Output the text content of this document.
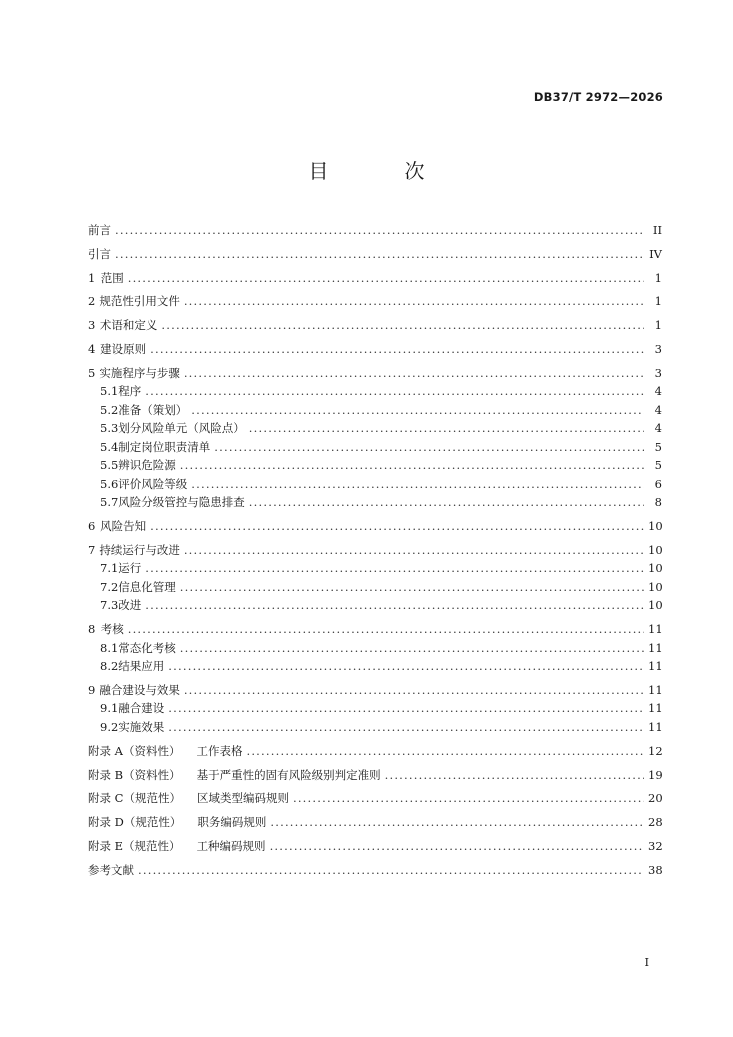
DB37/T 2972—2026
目　次
前言 .....	II
引言 .....	IV
1 范围 .....	1
2 规范性引用文件 .....	1
3 术语和定义 .....	1
4 建设原则 .....	3
5 实施程序与步骤 .....	3
5.1 程序 .....	4
5.2 准备（策划） .....	4
5.3 划分风险单元（风险点） .....	4
5.4 制定岗位职责清单 .....	5
5.5 辨识危险源 .....	5
5.6 评价风险等级 .....	6
5.7 风险分级管控与隐患排查 .....	8
6 风险告知 .....	10
7 持续运行与改进 .....	10
7.1 运行 .....	10
7.2 信息化管理 .....	10
7.3 改进 .....	10
8 考核 .....	11
8.1 常态化考核 .....	11
8.2 结果应用 .....	11
9 融合建设与效果 .....	11
9.1 融合建设 .....	11
9.2 实施效果 .....	11
附录 A（资料性） 工作表格 .....	12
附录 B（资料性） 基于严重性的固有风险级别判定准则 .....	19
附录 C（规范性） 区域类型编码规则 .....	20
附录 D（规范性） 职务编码规则 .....	28
附录 E（规范性） 工种编码规则 .....	32
参考文献 .....	38
I
